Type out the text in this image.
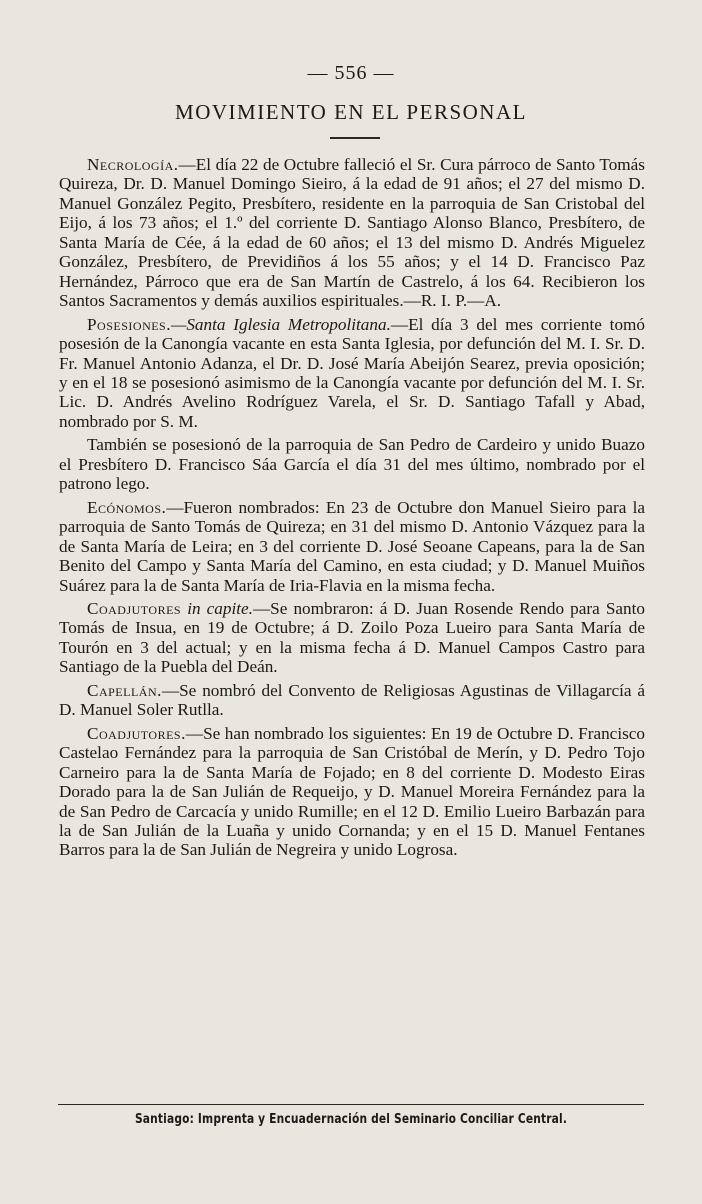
— 556 —
MOVIMIENTO EN EL PERSONAL

Necrología.—El día 22 de Octubre falleció el Sr. Cura párroco de Santo Tomás Quireza, Dr. D. Manuel Domingo Sieiro, á la edad de 91 años; el 27 del mismo D. Manuel González Pegito, Presbítero, residente en la parroquia de San Cristobal del Eijo, á los 73 años; el 1.º del corriente D. Santiago Alonso Blanco, Presbítero, de Santa María de Cée, á la edad de 60 años; el 13 del mismo D. Andrés Miguelez González, Presbítero, de Previdiños á los 55 años; y el 14 D. Francisco Paz Hernández, Párroco que era de San Martín de Castrelo, á los 64. Recibieron los Santos Sacramentos y demás auxilios espirituales.—R. I. P.—A.

Posesiones.—Santa Iglesia Metropolitana.—El día 3 del mes corriente tomó posesión de la Canongía vacante en esta Santa Iglesia, por defunción del M. I. Sr. D. Fr. Manuel Antonio Adanza, el Dr. D. José María Abeijón Searez, previa oposición; y en el 18 se posesionó asimismo de la Canongía vacante por defunción del M. I. Sr. Lic. D. Andrés Avelino Rodríguez Varela, el Sr. D. Santiago Tafall y Abad, nombrado por S. M.

También se posesionó de la parroquia de San Pedro de Cardeiro y unido Buazo el Presbítero D. Francisco Sáa García el día 31 del mes último, nombrado por el patrono lego.

Ecónomos.—Fueron nombrados: En 23 de Octubre don Manuel Sieiro para la parroquia de Santo Tomás de Quireza; en 31 del mismo D. Antonio Vázquez para la de Santa María de Leira; en 3 del corriente D. José Seoane Capeans, para la de San Benito del Campo y Santa María del Camino, en esta ciudad; y D. Manuel Muiños Suárez para la de Santa María de Iria-Flavia en la misma fecha.

Coadjutores in capite.—Se nombraron: á D. Juan Rosende Rendo para Santo Tomás de Insua, en 19 de Octubre; á D. Zoilo Poza Lueiro para Santa María de Tourón en 3 del actual; y en la misma fecha á D. Manuel Campos Castro para Santiago de la Puebla del Deán.

Capellán.—Se nombró del Convento de Religiosas Agustinas de Villagarcía á D. Manuel Soler Rutlla.

Coadjutores.—Se han nombrado los siguientes: En 19 de Octubre D. Francisco Castelao Fernández para la parroquia de San Cristóbal de Merín, y D. Pedro Tojo Carneiro para la de Santa María de Fojado; en 8 del corriente D. Modesto Eiras Dorado para la de San Julián de Requeijo, y D. Manuel Moreira Fernández para la de San Pedro de Carcacía y unido Rumille; en el 12 D. Emilio Lueiro Barbazán para la de San Julián de la Luaña y unido Cornanda; y en el 15 D. Manuel Fentanes Barros para la de San Julián de Negreira y unido Logrosa.

Santiago: Imprenta y Encuadernación del Seminario Conciliar Central.
